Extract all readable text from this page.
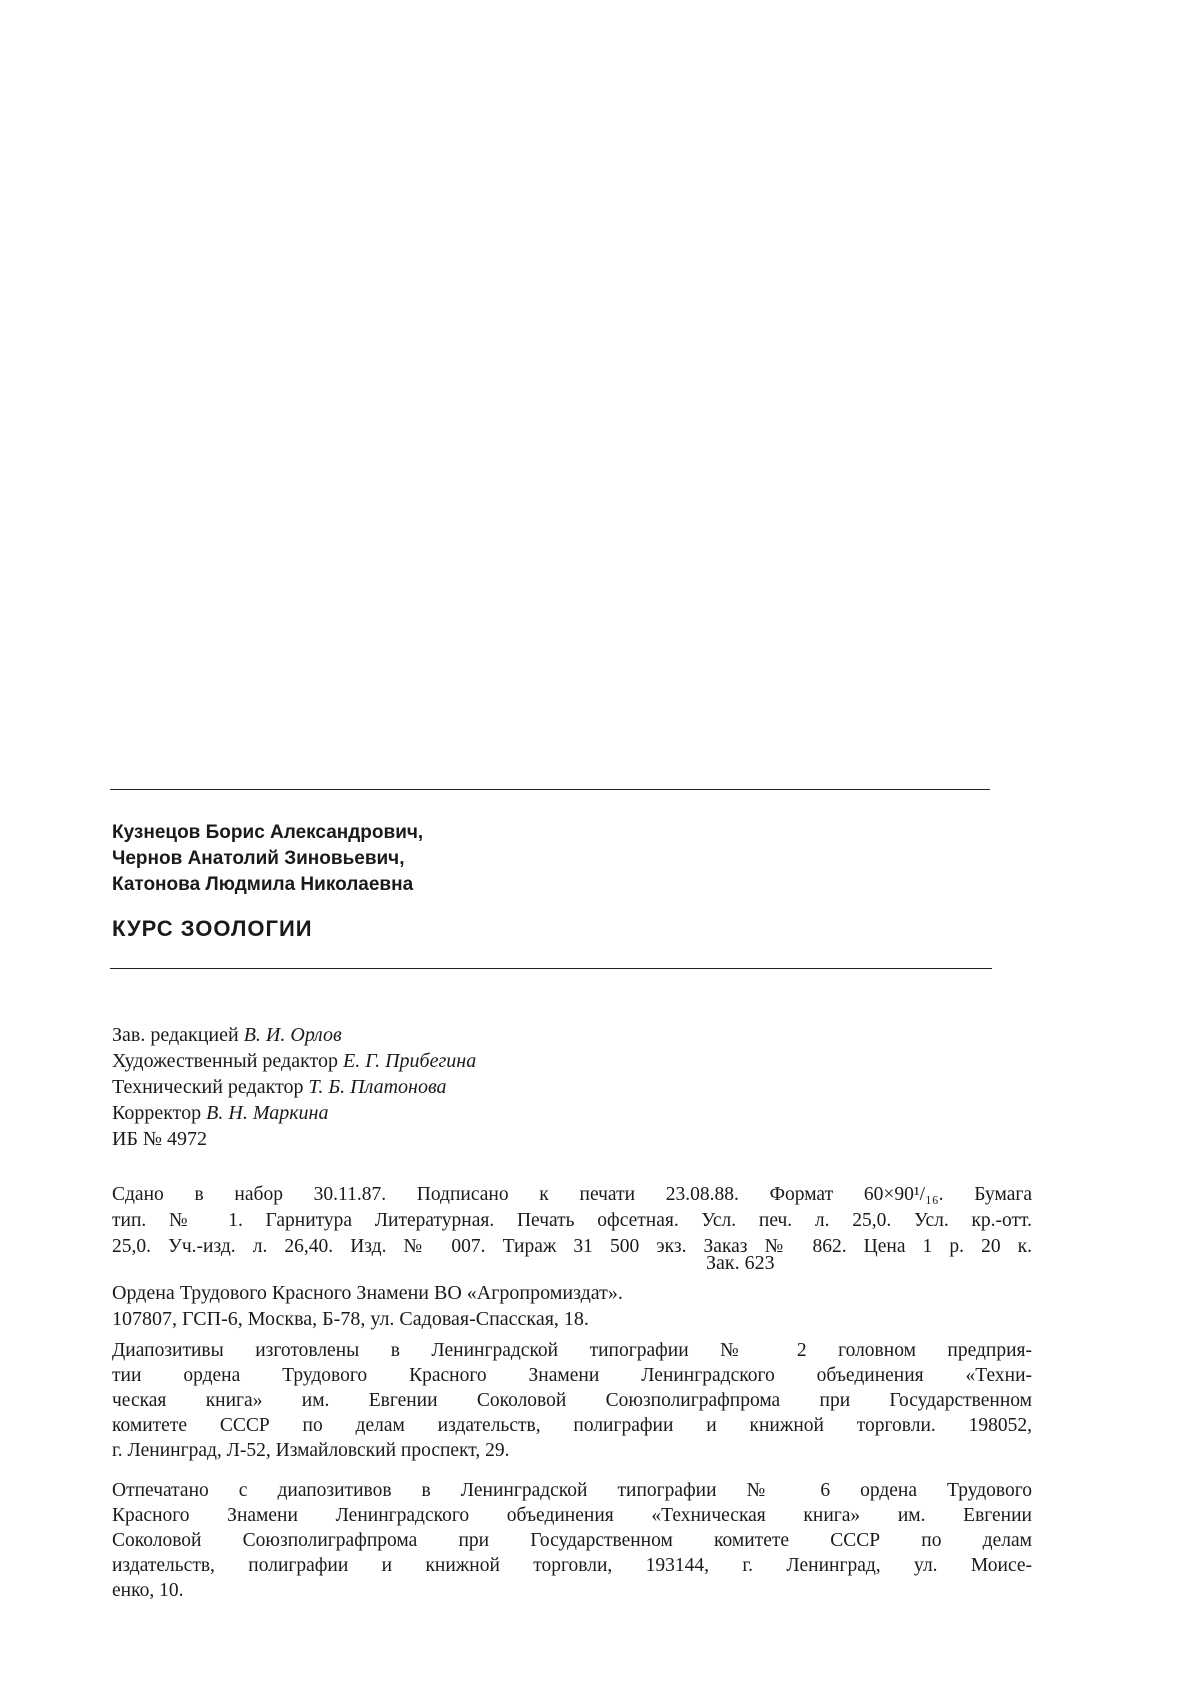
Кузнецов Борис Александрович,
Чернов Анатолий Зиновьевич,
Катонова Людмила Николаевна
КУРС ЗООЛОГИИ
Зав. редакцией В. И. Орлов
Художественный редактор Е. Г. Прибегина
Технический редактор Т. Б. Платонова
Корректор В. Н. Маркина
ИБ № 4972
Сдано в набор 30.11.87. Подписано к печати 23.08.88. Формат 60×90¹/₁₆. Бумага
тип. № 1. Гарнитура Литературная. Печать офсетная. Усл. печ. л. 25,0. Усл. кр.-отт.
25,0. Уч.-изд. л. 26,40. Изд. № 007. Тираж 31 500 экз. Заказ № 862. Цена 1 р. 20 к.
Зак. 623
Ордена Трудового Красного Знамени ВО «Агропромиздат».
107807, ГСП-6, Москва, Б-78, ул. Садовая-Спасская, 18.
Диапозитивы изготовлены в Ленинградской типографии № 2 головном предприя-
тии ордена Трудового Красного Знамени Ленинградского объединения «Техни-
ческая книга» им. Евгении Соколовой Союзполиграфпрома при Государственном
комитете СССР по делам издательств, полиграфии и книжной торговли. 198052,
г. Ленинград, Л-52, Измайловский проспект, 29.
Отпечатано с диапозитивов в Ленинградской типографии № 6 ордена Трудового
Красного Знамени Ленинградского объединения «Техническая книга» им. Евгении
Соколовой Союзполиграфпрома при Государственном комитете СССР по делам
издательств, полиграфии и книжной торговли, 193144, г. Ленинград, ул. Моисе-
енко, 10.
